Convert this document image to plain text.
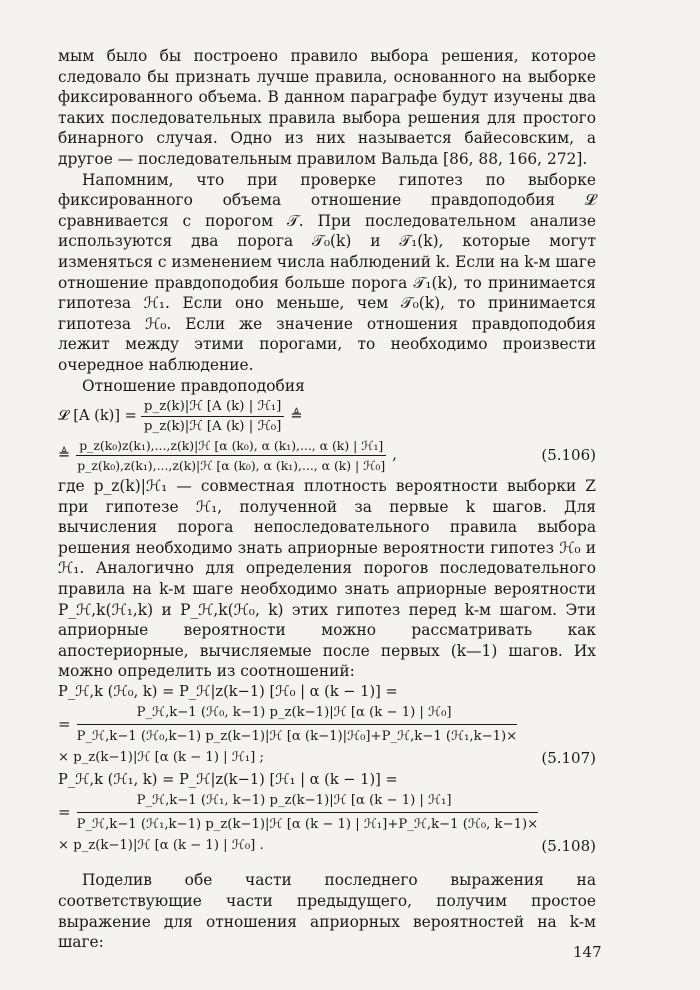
мым было бы построено правило выбора решения, которое следовало бы признать лучше правила, основанного на выборке фиксированного объема. В данном параграфе будут изучены два таких последовательных правила выбора решения для простого бинарного случая. Одно из них называется байесовским, а другое — последовательным правилом Вальда [86, 88, 166, 272].

Напомним, что при проверке гипотез по выборке фиксированного объема отношение правдоподобия 𝓛 сравнивается с порогом 𝒯. При последовательном анализе используются два порога 𝒯₀(k) и 𝒯₁(k), которые могут изменяться с изменением числа наблюдений k. Если на k-м шаге отношение правдоподобия больше порога 𝒯₁(k), то принимается гипотеза ℋ₁. Если оно меньше, чем 𝒯₀(k), то принимается гипотеза ℋ₀. Если же значение отношения правдоподобия лежит между этими порогами, то необходимо произвести очередное наблюдение.

Отношение правдоподобия

𝓛 [A $(k)] = \frac{\text{p\_z(k)|ℋ [A (k) | ℋ₁]}}{\text{p\_z(k)|ℋ [A (k) | ℋ₀]}}$ ≜
≜ $\frac{\text{p\_z(k₀)z(k₁),...,z(k)|ℋ [α (k₀), α (k₁),..., α (k) | ℋ₁]}}{\text{p\_z(k₀),z(k₁),...,z(k)|ℋ [α (k₀), α (k₁),..., α (k) | ℋ₀]}}$ ,	(5.106)

где p_z(k)|ℋ₁ — совместная плотность вероятности выборки Z при гипотезе ℋ₁, полученной за первые k шагов. Для вычисления порога непоследовательного правила выбора решения необходимо знать априорные вероятности гипотез ℋ₀ и ℋ₁. Аналогично для определения порогов последовательного правила на k-м шаге необходимо знать априорные вероятности P_ℋ,k(ℋ₁,k) и P_ℋ,k(ℋ₀, k) этих гипотез перед k-м шагом. Эти априорные вероятности можно рассматривать как апостериорные, вычисляемые после первых (k—1) шагов. Их можно определить из соотношений:

P_ℋ,k (ℋ₀, k) = P_ℋ|z(k−1) [ℋ₀ | α (k − 1)] =
=
P_ℋ,k−1 (ℋ₀, k−1) p_z(k−1)|ℋ [α (k − 1) | ℋ₀]
P_ℋ,k−1 (ℋ₀,k−1) p_z(k−1)|ℋ [α (k−1)|ℋ₀]+P_ℋ,k−1 (ℋ₁,k−1)×
× p_z(k−1)|ℋ [α (k − 1) | ℋ₁] ;	(5.107)
P_ℋ,k (ℋ₁, k) = P_ℋ|z(k−1) [ℋ₁ | α (k − 1)] =
=
P_ℋ,k−1 (ℋ₁, k−1) p_z(k−1)|ℋ [α (k − 1) | ℋ₁]
P_ℋ,k−1 (ℋ₁,k−1) p_z(k−1)|ℋ [α (k − 1) | ℋ₁]+P_ℋ,k−1 (ℋ₀, k−1)×
× p_z(k−1)|ℋ [α (k − 1) | ℋ₀] .	(5.108)

Поделив обе части последнего выражения на соответствующие части предыдущего, получим простое выражение для отношения априорных вероятностей на k-м шаге:

147
